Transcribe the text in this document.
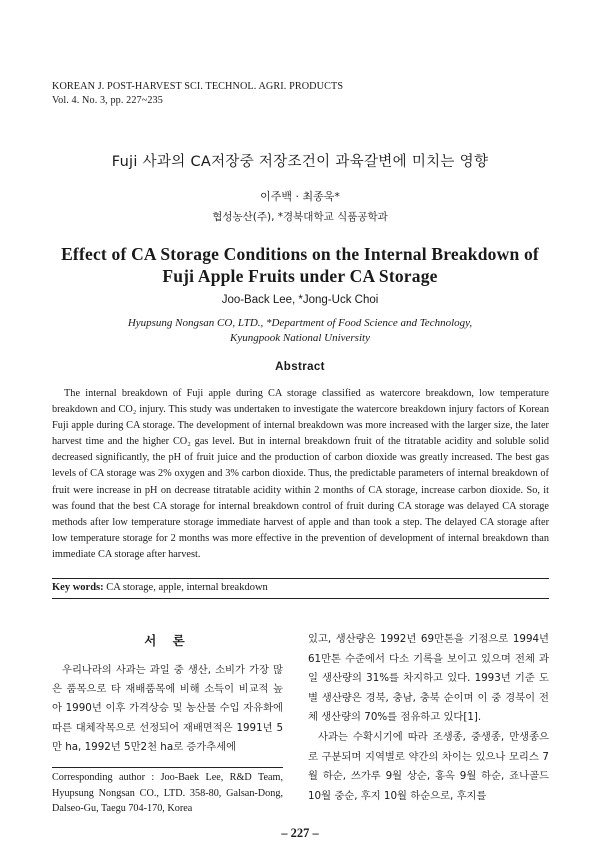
KOREAN J. POST-HARVEST SCI. TECHNOL. AGRI. PRODUCTS
Vol. 4. No. 3, pp. 227~235
Fuji 사과의 CA저장중 저장조건이 과육갈변에 미치는 영향
이주백 · 최종욱*
협성농산(주), *경북대학교 식품공학과
Effect of CA Storage Conditions on the Internal Breakdown of
Fuji Apple Fruits under CA Storage
Joo-Back Lee, *Jong-Uck Choi
Hyupsung Nongsan CO, LTD., *Department of Food Science and Technology,
Kyungpook National University
Abstract
The internal breakdown of Fuji apple during CA storage classified as watercore breakdown, low temperature breakdown and CO₂ injury. This study was undertaken to investigate the watercore breakdown injury factors of Korean Fuji apple during CA storage. The development of internal breakdown was more increased with the larger size, the later harvest time and the higher CO₂ gas level. But in internal breakdown fruit of the titratable acidity and soluble solid decreased significantly, the pH of fruit juice and the production of carbon dioxide was greatly increased. The best gas levels of CA storage was 2% oxygen and 3% carbon dioxide. Thus, the predictable parameters of internal breakdown of fruit were increase in pH on decrease titratable acidity within 2 months of CA storage, increase carbon dioxide. So, it was found that the best CA storage for internal breakdown control of fruit during CA storage was delayed CA storage methods after low temperature storage immediate harvest of apple and than took a step. The delayed CA storage after low temperature storage for 2 months was more effective in the prevention of development of internal breakdown than immediate CA storage after harvest.
Key words: CA storage, apple, internal breakdown
서 론
우리나라의 사과는 과일 중 생산, 소비가 가장 많은 품목으로 타 재배품목에 비해 소득이 비교적 높아 1990년 이후 가격상승 및 농산물 수입 자유화에 따른 대체작목으로 선정되어 재배면적은 1991년 5만 ha, 1992년 5만2천 ha로 증가추세에

있고, 생산량은 1992년 69만톤을 기점으로 1994년 61만톤 수준에서 다소 기록을 보이고 있으며 전체 과일 생산량의 31%를 차지하고 있다. 1993년 기준 도별 생산량은 경북, 충남, 충북 순이며 이 중 경북이 전체 생산량의 70%를 점유하고 있다[1].

사과는 수확시기에 따라 조생종, 중생종, 만생종으로 구분되며 지역별로 약간의 차이는 있으나 모리스 7월 하순, 쓰가루 9월 상순, 홍옥 9월 하순, 죠나골드 10월 중순, 후지 10월 하순으로, 후지를

Corresponding author : Joo-Baek Lee, R&D Team, Hyupsung Nongsan CO., LTD. 358-80, Galsan-Dong, Dalseo-Gu, Taegu 704-170, Korea
– 227 –
